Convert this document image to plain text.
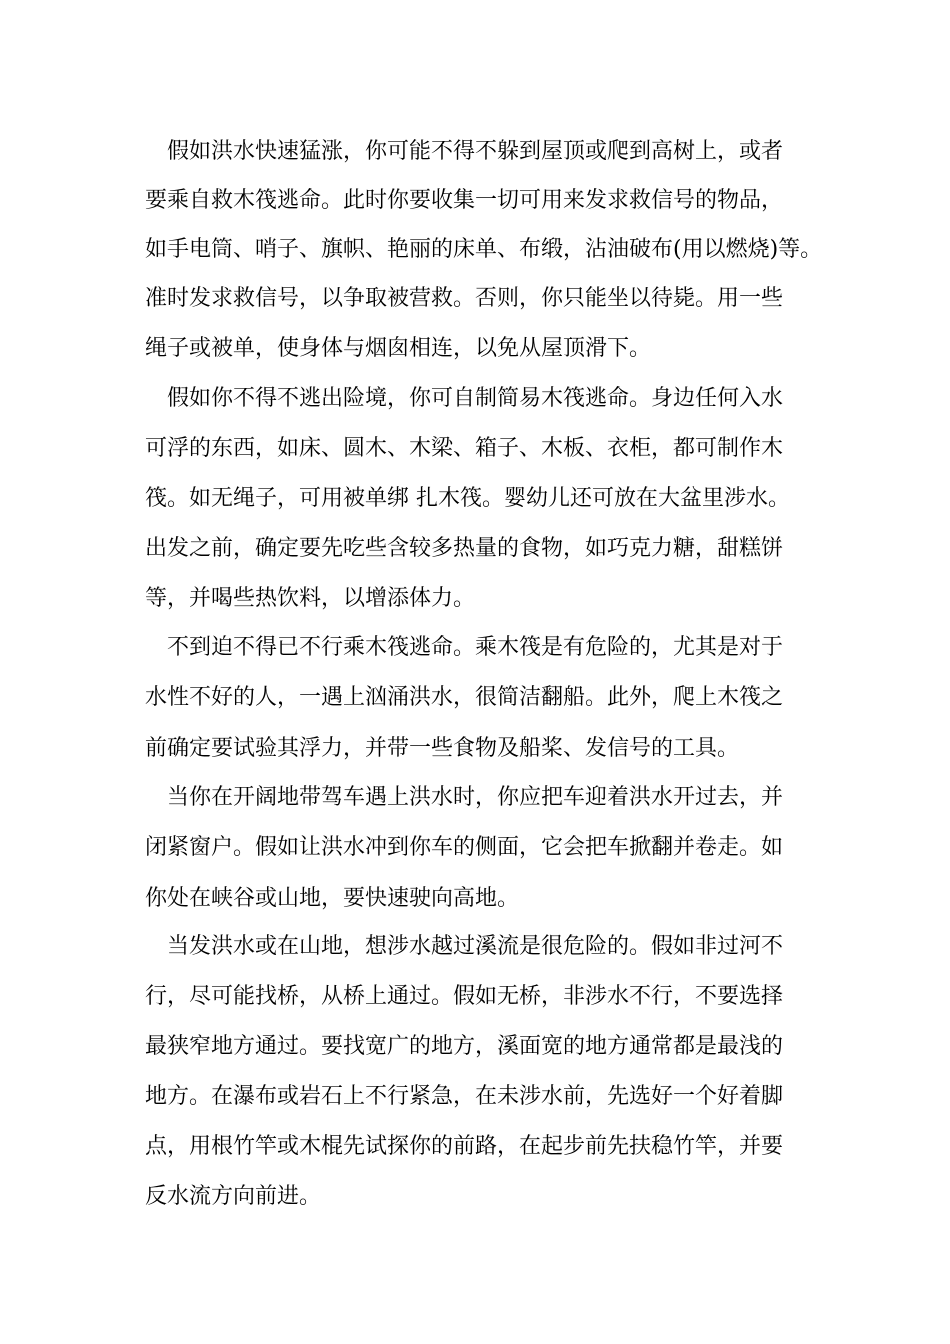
假如洪水快速猛涨，你可能不得不躲到屋顶或爬到高树上，或者
要乘自救木筏逃命。此时你要收集一切可用来发求救信号的物品，
如手电筒、哨子、旗帜、艳丽的床单、布缎，沾油破布(用以燃烧)等。
准时发求救信号，以争取被营救。否则，你只能坐以待毙。用一些
绳子或被单，使身体与烟囱相连，以免从屋顶滑下。
假如你不得不逃出险境，你可自制简易木筏逃命。身边任何入水
可浮的东西，如床、圆木、木梁、箱子、木板、衣柜，都可制作木
筏。如无绳子，可用被单绑 扎木筏。婴幼儿还可放在大盆里涉水。
出发之前，确定要先吃些含较多热量的食物，如巧克力糖，甜糕饼
等，并喝些热饮料，以增添体力。
不到迫不得已不行乘木筏逃命。乘木筏是有危险的，尤其是对于
水性不好的人，一遇上汹涌洪水，很简洁翻船。此外，爬上木筏之
前确定要试验其浮力，并带一些食物及船桨、发信号的工具。
当你在开阔地带驾车遇上洪水时，你应把车迎着洪水开过去，并
闭紧窗户。假如让洪水冲到你车的侧面，它会把车掀翻并卷走。如
你处在峡谷或山地，要快速驶向高地。
当发洪水或在山地，想涉水越过溪流是很危险的。假如非过河不
行，尽可能找桥，从桥上通过。假如无桥，非涉水不行，不要选择
最狭窄地方通过。要找宽广的地方，溪面宽的地方通常都是最浅的
地方。在瀑布或岩石上不行紧急，在未涉水前，先选好一个好着脚
点，用根竹竿或木棍先试探你的前路，在起步前先扶稳竹竿，并要
反水流方向前进。
